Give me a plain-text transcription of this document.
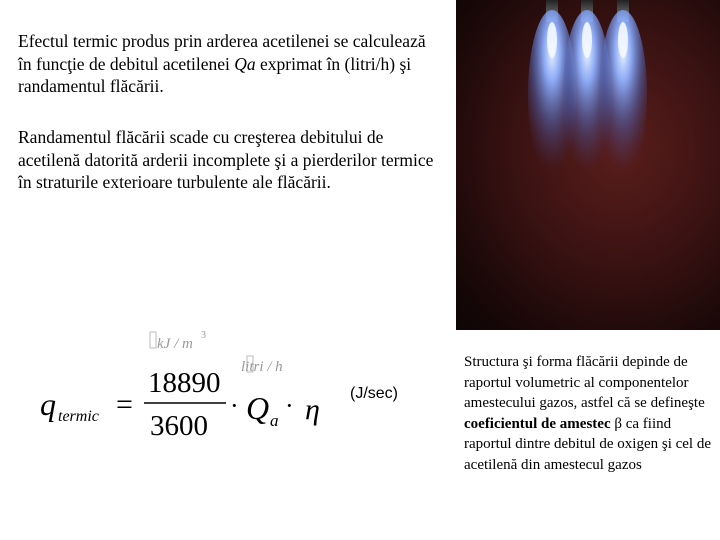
Efectul termic produs prin arderea acetilenei se calculează în funcţie de debitul acetilenei Qa exprimat în (litri/h) şi randamentul flăcării.

Randamentul flăcării scade cu creşterea debitului de acetilenă datorită arderii incomplete şi a pierderilor termice în straturile exterioare turbulente ale flăcării.

kJ / m
3
litri / h
q termic =
18890
3600
· Q a
· η (J/sec)

Structura şi forma flăcării depinde de raportul volumetric al componentelor amestecului gazos, astfel că se defineşte coeficientul de amestec β ca fiind raportul dintre debitul de oxigen şi cel de acetilenă din amestecul gazos
